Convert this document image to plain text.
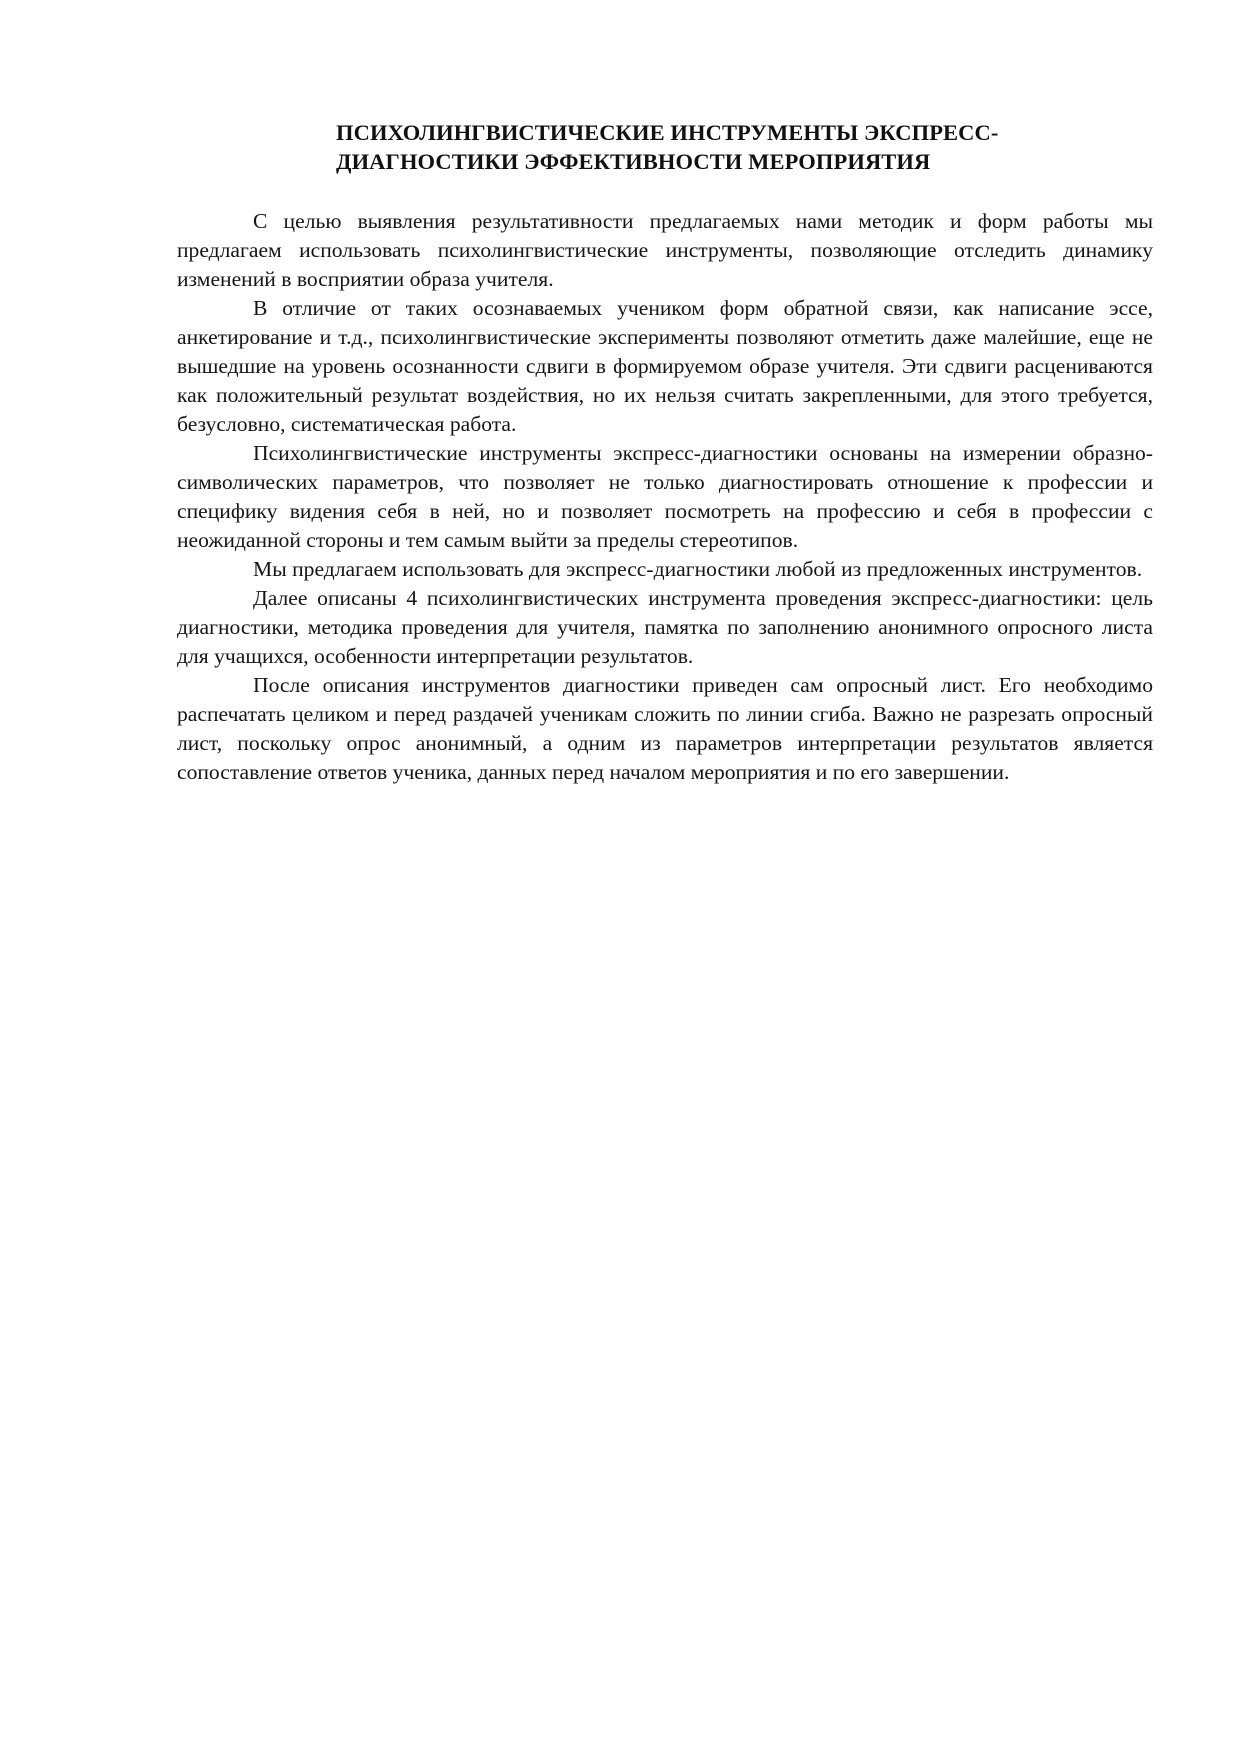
ПСИХОЛИНГВИСТИЧЕСКИЕ ИНСТРУМЕНТЫ ЭКСПРЕСС-
ДИАГНОСТИКИ ЭФФЕКТИВНОСТИ МЕРОПРИЯТИЯ

С целью выявления результативности предлагаемых нами методик и форм работы мы предлагаем использовать психолингвистические инструменты, позволяющие отследить динамику изменений в восприятии образа учителя.

В отличие от таких осознаваемых учеником форм обратной связи, как написание эссе, анкетирование и т.д., психолингвистические эксперименты позволяют отметить даже малейшие, еще не вышедшие на уровень осознанности сдвиги в формируемом образе учителя. Эти сдвиги расцениваются как положительный результат воздействия, но их нельзя считать закрепленными, для этого требуется, безусловно, систематическая работа.

Психолингвистические инструменты экспресс-диагностики основаны на измерении образно-символических параметров, что позволяет не только диагностировать отношение к профессии и специфику видения себя в ней, но и позволяет посмотреть на профессию и себя в профессии с неожиданной стороны и тем самым выйти за пределы стереотипов.

Мы предлагаем использовать для экспресс-диагностики любой из предложенных инструментов.

Далее описаны 4 психолингвистических инструмента проведения экспресс-диагностики: цель диагностики, методика проведения для учителя, памятка по заполнению анонимного опросного листа для учащихся, особенности интерпретации результатов.

После описания инструментов диагностики приведен сам опросный лист. Его необходимо распечатать целиком и перед раздачей ученикам сложить по линии сгиба. Важно не разрезать опросный лист, поскольку опрос анонимный, а одним из параметров интерпретации результатов является сопоставление ответов ученика, данных перед началом мероприятия и по его завершении.
